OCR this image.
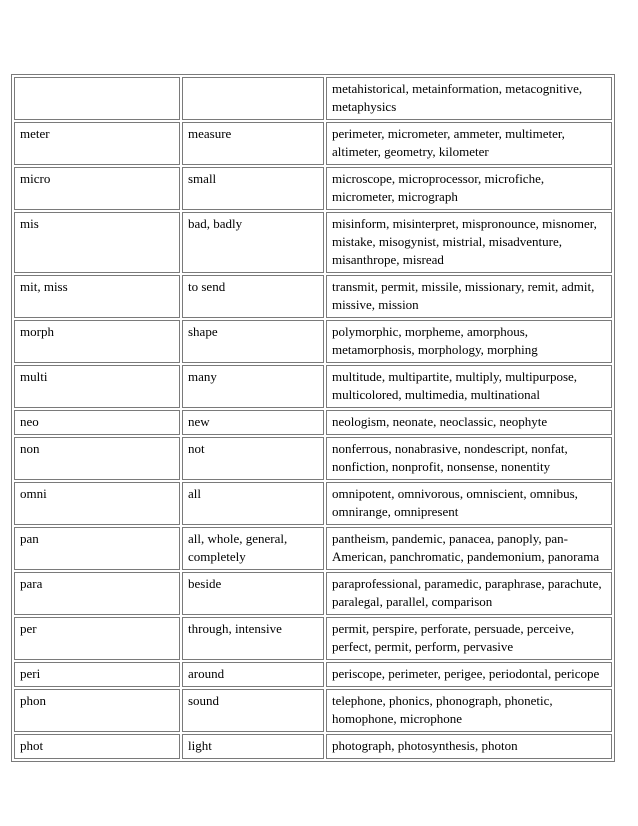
		metahistorical, metainformation, metacognitive, metaphysics

meter	measure	perimeter, micrometer, ammeter, multimeter, altimeter, geometry, kilometer

micro	small	microscope, microprocessor, microfiche, micrometer, micrograph

mis	bad, badly	misinform, misinterpret, mispronounce, misnomer, mistake, misogynist, mistrial, misadventure, misanthrope, misread

mit, miss	to send	transmit, permit, missile, missionary, remit, admit, missive, mission

morph	shape	polymorphic, morpheme, amorphous, metamorphosis, morphology, morphing

multi	many	multitude, multipartite, multiply, multipurpose, multicolored, multimedia, multinational

neo	new	neologism, neonate, neoclassic, neophyte

non	not	nonferrous, nonabrasive, nondescript, nonfat, nonfiction, nonprofit, nonsense, nonentity

omni	all	omnipotent, omnivorous, omniscient, omnibus, omnirange, omnipresent

pan	all, whole, general, completely	pantheism, pandemic, panacea, panoply, pan-American, panchromatic, pandemonium, panorama

para	beside	paraprofessional, paramedic, paraphrase, parachute, paralegal, parallel, comparison

per	through, intensive	permit, perspire, perforate, persuade, perceive, perfect, permit, perform, pervasive

peri	around	periscope, perimeter, perigee, periodontal, pericope

phon	sound	telephone, phonics, phonograph, phonetic, homophone, microphone

phot	light	photograph, photosynthesis, photon
